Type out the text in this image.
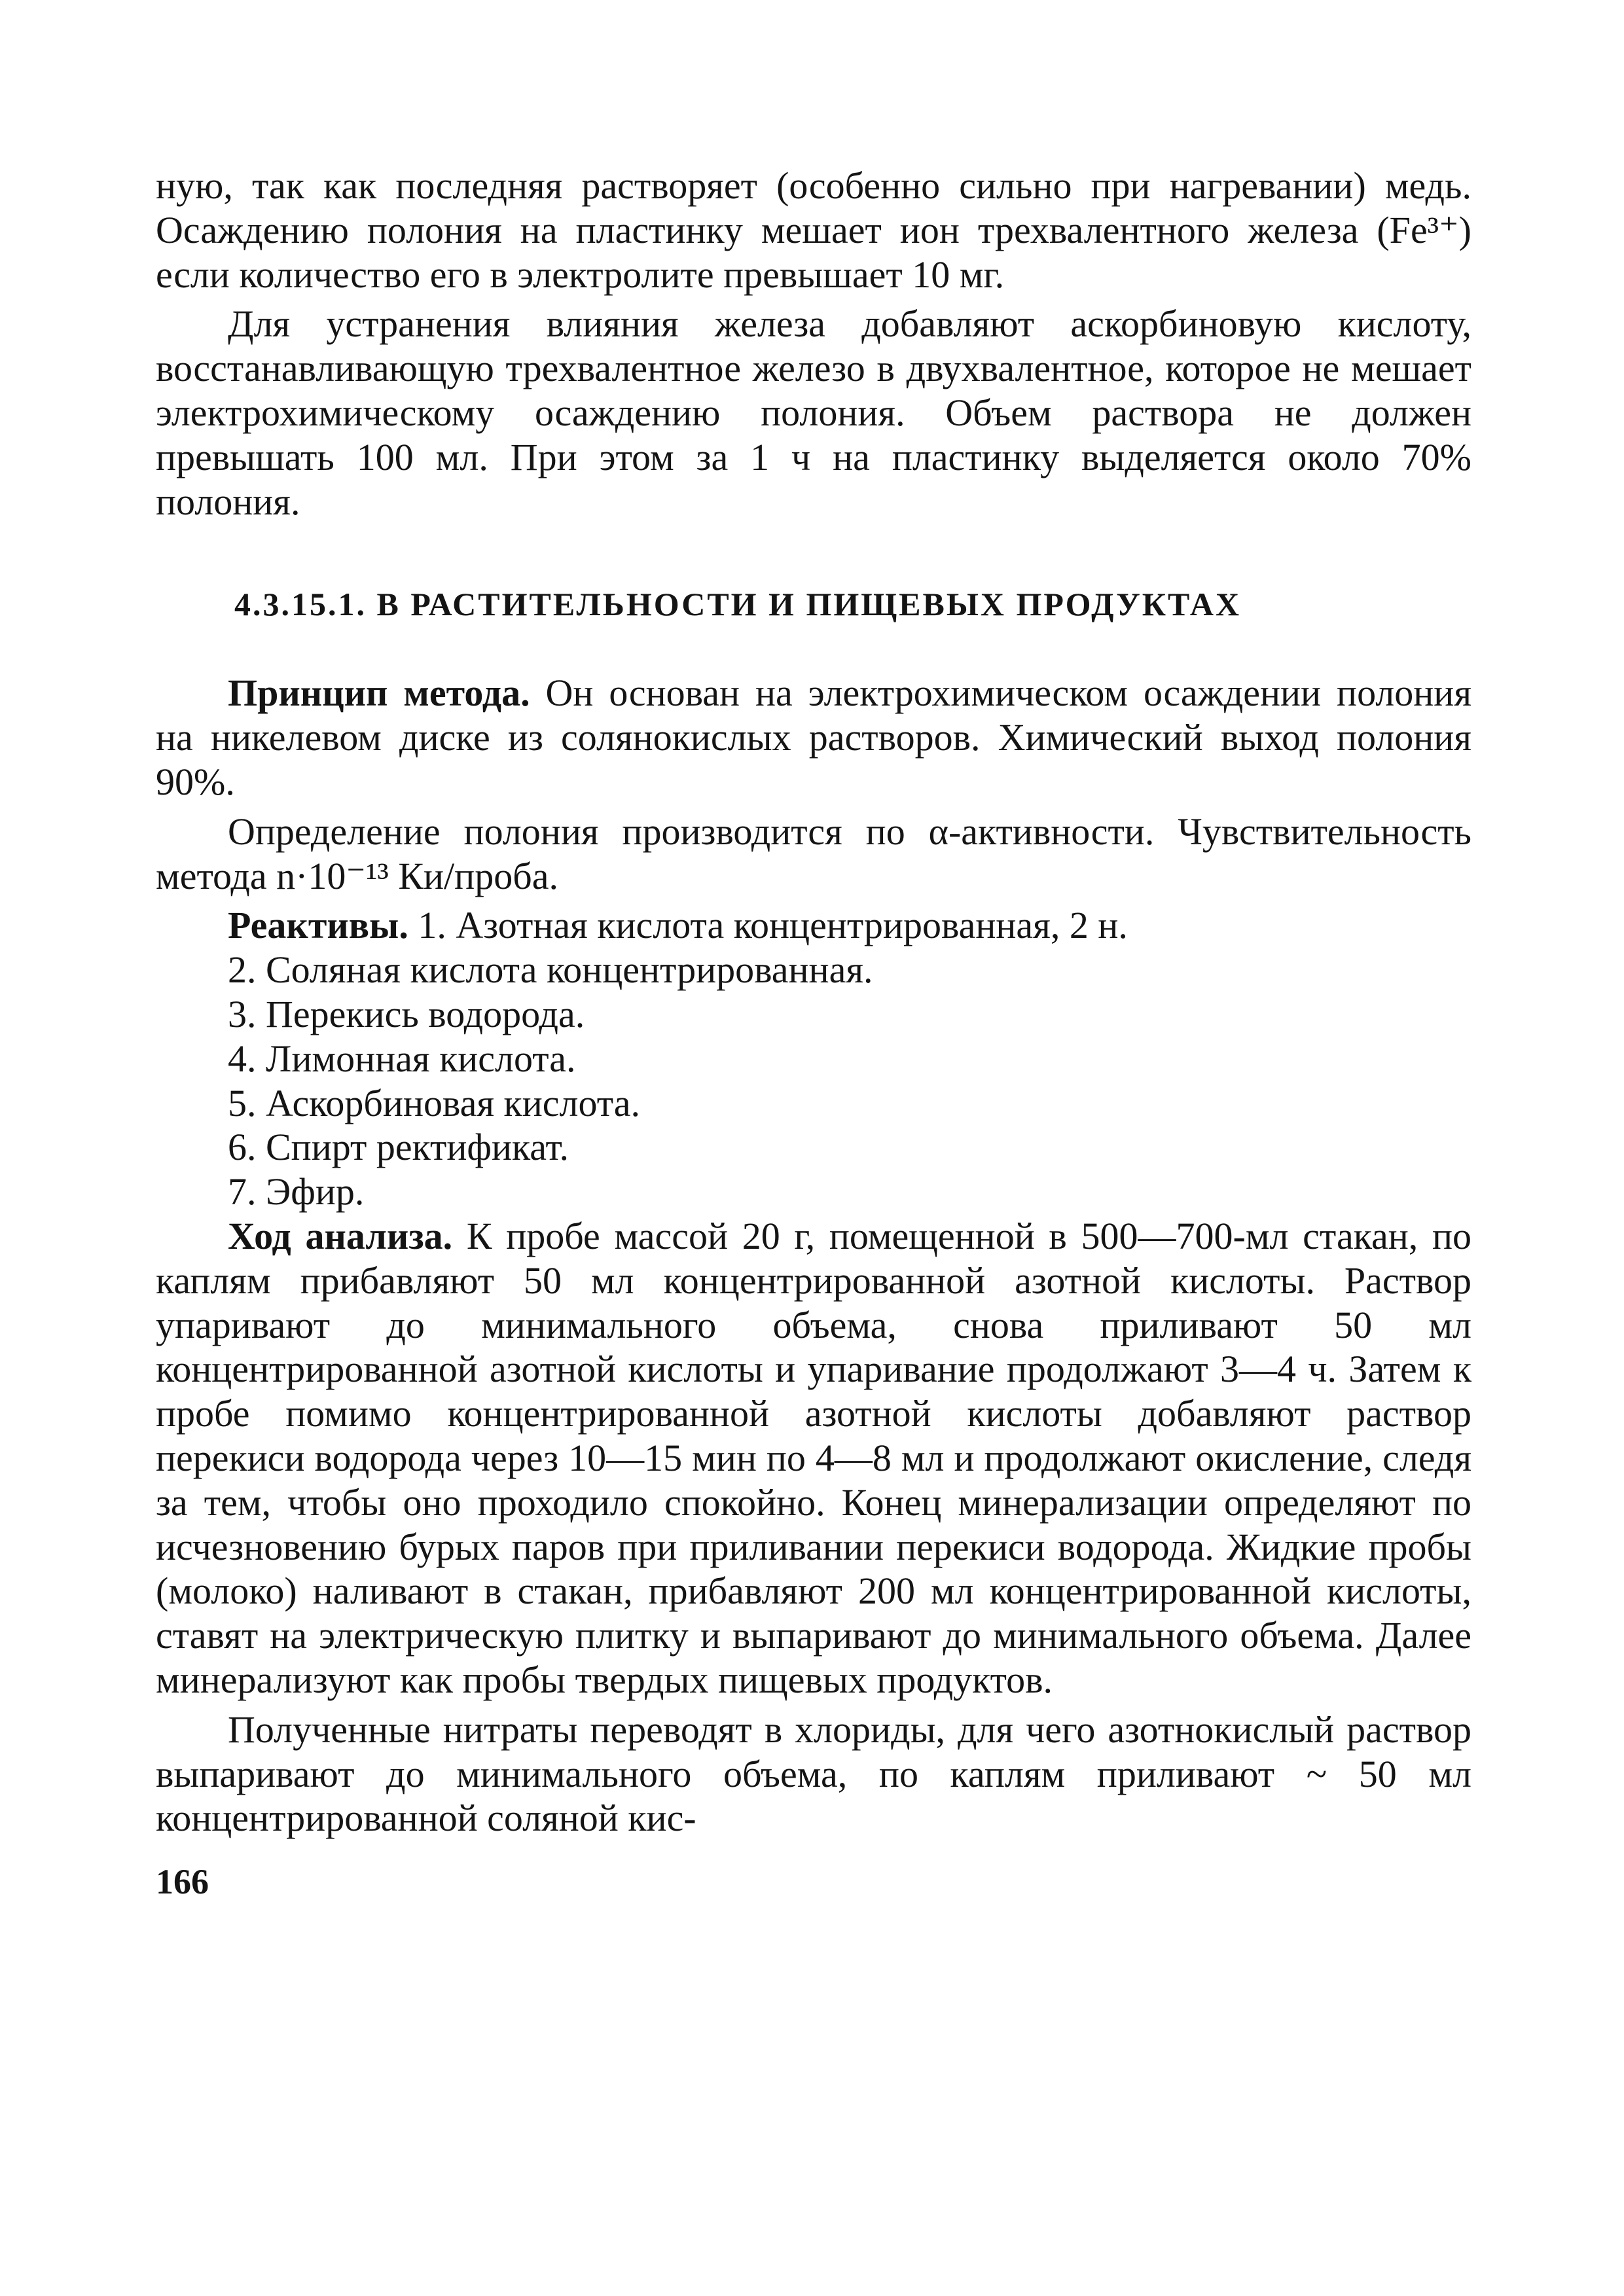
ную, так как последняя растворяет (особенно сильно при нагревании) медь. Осаждению полония на пластинку мешает ион трехвалентного железа (Fe³⁺) если количество его в электролите превышает 10 мг.

Для устранения влияния железа добавляют аскорбиновую кислоту, восстанавливающую трехвалентное железо в двухвалентное, которое не мешает электрохимическому осаждению полония. Объем раствора не должен превышать 100 мл. При этом за 1 ч на пластинку выделяется около 70% полония.

4.3.15.1. В РАСТИТЕЛЬНОСТИ И ПИЩЕВЫХ ПРОДУКТАХ

Принцип метода. Он основан на электрохимическом осаждении полония на никелевом диске из солянокислых растворов. Химический выход полония 90%.

Определение полония производится по α-активности. Чувствительность метода n·10⁻¹³ Ки/проба.

Реактивы. 1. Азотная кислота концентрированная, 2 н.

2. Соляная кислота концентрированная.
3. Перекись водорода.
4. Лимонная кислота.
5. Аскорбиновая кислота.
6. Спирт ректификат.
7. Эфир.

Ход анализа. К пробе массой 20 г, помещенной в 500—700-мл стакан, по каплям прибавляют 50 мл концентрированной азотной кислоты. Раствор упаривают до минимального объема, снова приливают 50 мл концентрированной азотной кислоты и упаривание продолжают 3—4 ч. Затем к пробе помимо концентрированной азотной кислоты добавляют раствор перекиси водорода через 10—15 мин по 4—8 мл и продолжают окисление, следя за тем, чтобы оно проходило спокойно. Конец минерализации определяют по исчезновению бурых паров при приливании перекиси водорода. Жидкие пробы (молоко) наливают в стакан, прибавляют 200 мл концентрированной кислоты, ставят на электрическую плитку и выпаривают до минимального объема. Далее минерализуют как пробы твердых пищевых продуктов.

Полученные нитраты переводят в хлориды, для чего азотнокислый раствор выпаривают до минимального объема, по каплям приливают ~ 50 мл концентрированной соляной кис-

166
